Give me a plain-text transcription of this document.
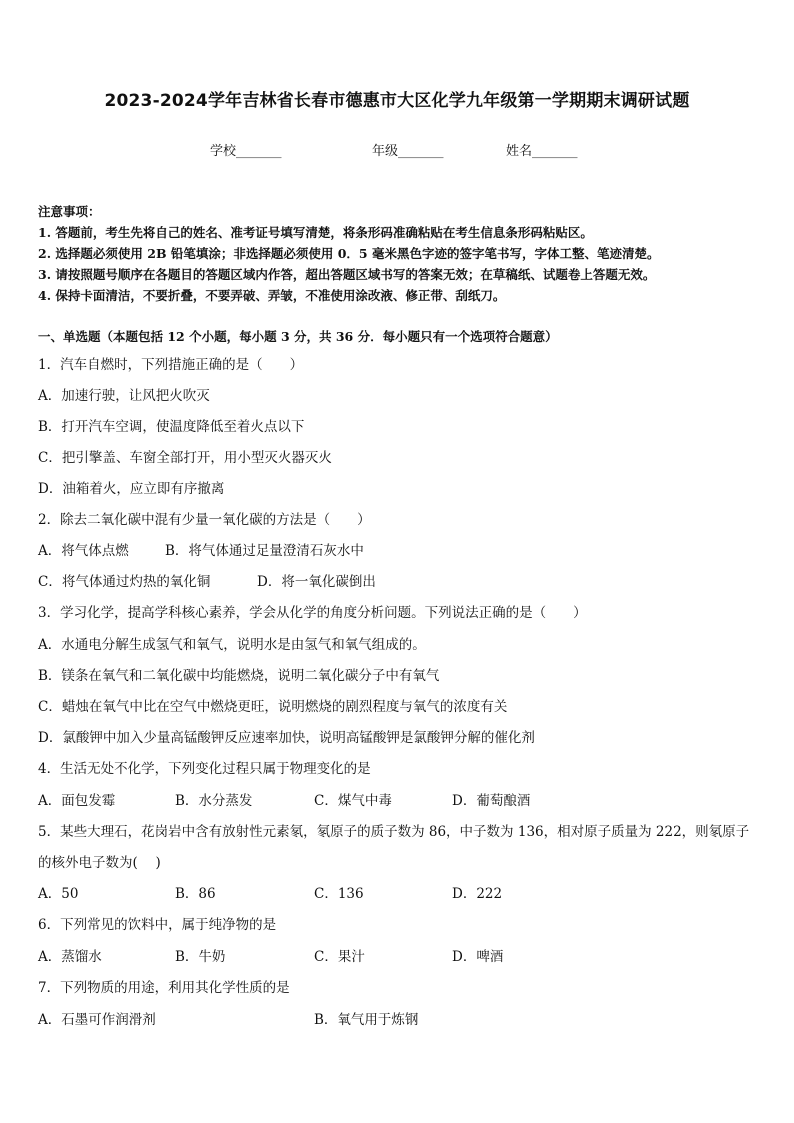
2023-2024学年吉林省长春市德惠市大区化学九年级第一学期期末调研试题
学校_______	年级_______	姓名_______
注意事项：
1. 答题前，考生先将自己的姓名、准考证号填写清楚，将条形码准确粘贴在考生信息条形码粘贴区。
2. 选择题必须使用 2B 铅笔填涂；非选择题必须使用 0．5 毫米黑色字迹的签字笔书写，字体工整、笔迹清楚。
3. 请按照题号顺序在各题目的答题区域内作答，超出答题区域书写的答案无效；在草稿纸、试题卷上答题无效。
4. 保持卡面清洁，不要折叠，不要弄破、弄皱，不准使用涂改液、修正带、刮纸刀。
一、单选题（本题包括 12 个小题，每小题 3 分，共 36 分．每小题只有一个选项符合题意）
1．汽车自燃时，下列措施正确的是（　　）
A．加速行驶，让风把火吹灭
B．打开汽车空调，使温度降低至着火点以下
C．把引擎盖、车窗全部打开，用小型灭火器灭火
D．油箱着火，应立即有序撤离
2．除去二氧化碳中混有少量一氧化碳的方法是（　　）
A．将气体点燃	B．将气体通过足量澄清石灰水中
C．将气体通过灼热的氧化铜	D．将一氧化碳倒出
3．学习化学，提高学科核心素养，学会从化学的角度分析问题。下列说法正确的是（　　）
A．水通电分解生成氢气和氧气，说明水是由氢气和氧气组成的。
B．镁条在氧气和二氧化碳中均能燃烧，说明二氧化碳分子中有氧气
C．蜡烛在氧气中比在空气中燃烧更旺，说明燃烧的剧烈程度与氧气的浓度有关
D．氯酸钾中加入少量高锰酸钾反应速率加快，说明高锰酸钾是氯酸钾分解的催化剂
4．生活无处不化学，下列变化过程只属于物理变化的是
A．面包发霉	B．水分蒸发	C．煤气中毒	D．葡萄酿酒
5．某些大理石，花岗岩中含有放射性元素氡，氡原子的质子数为 86，中子数为 136，相对原子质量为 222，则氡原子
的核外电子数为(　 )
A．50	B．86	C．136	D．222
6．下列常见的饮料中，属于纯净物的是
A．蒸馏水	B．牛奶	C．果汁	D．啤酒
7．下列物质的用途，利用其化学性质的是
A．石墨可作润滑剂	B．氧气用于炼钢
